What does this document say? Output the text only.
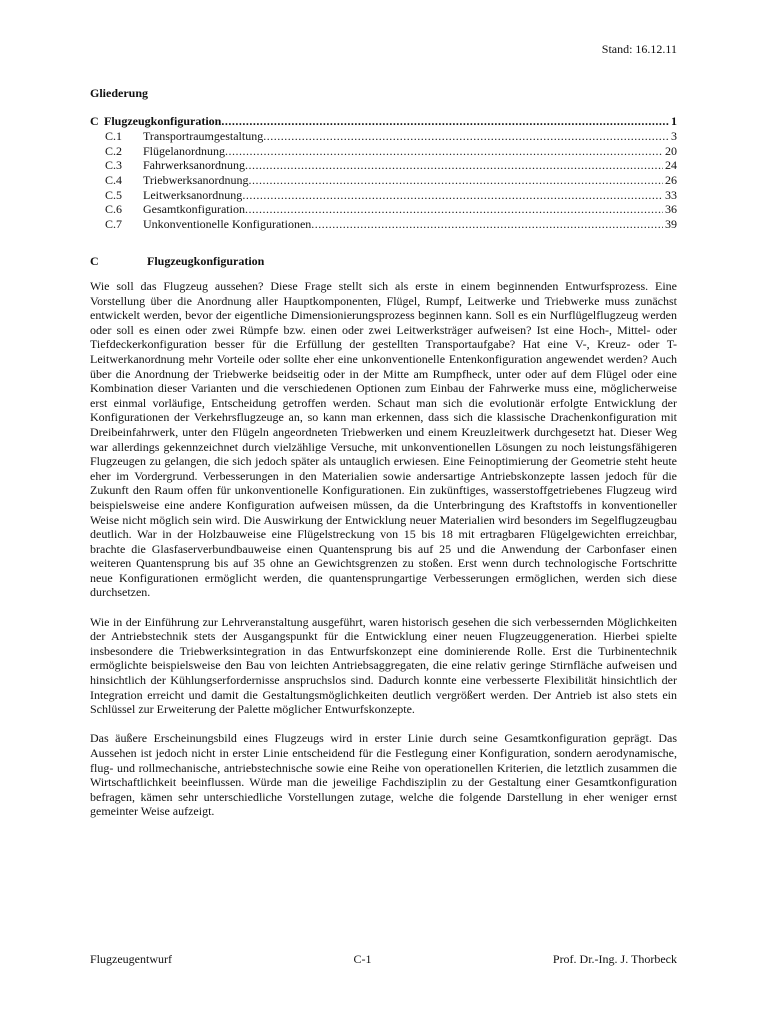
Stand: 16.12.11
Gliederung
C Flugzeugkonfiguration .....	1
C.1	Transportraumgestaltung .....	3
C.2	Flügelanordnung .....	20
C.3	Fahrwerksanordnung .....	24
C.4	Triebwerksanordnung .....	26
C.5	Leitwerksanordnung .....	33
C.6	Gesamtkonfiguration .....	36
C.7	Unkonventionelle Konfigurationen .....	39
C	Flugzeugkonfiguration

Wie soll das Flugzeug aussehen? Diese Frage stellt sich als erste in einem beginnenden Entwurfsprozess. Eine Vorstellung über die Anordnung aller Hauptkomponenten, Flügel, Rumpf, Leitwerke und Triebwerke muss zunächst entwickelt werden, bevor der eigentliche Dimensionierungsprozess beginnen kann. Soll es ein Nurflügelflugzeug werden oder soll es einen oder zwei Rümpfe bzw. einen oder zwei Leitwerksträger aufweisen? Ist eine Hoch-, Mittel- oder Tiefdeckerkonfiguration besser für die Erfüllung der gestellten Transportaufgabe? Hat eine V-, Kreuz- oder T-Leitwerkanordnung mehr Vorteile oder sollte eher eine unkonventionelle Entenkonfiguration angewendet werden? Auch über die Anordnung der Triebwerke beidseitig oder in der Mitte am Rumpfheck, unter oder auf dem Flügel oder eine Kombination dieser Varianten und die verschiedenen Optionen zum Einbau der Fahrwerke muss eine, möglicherweise erst einmal vorläufige, Entscheidung getroffen werden. Schaut man sich die evolutionär erfolgte Entwicklung der Konfigurationen der Verkehrsflugzeuge an, so kann man erkennen, dass sich die klassische Drachenkonfiguration mit Dreibeinfahrwerk, unter den Flügeln angeordneten Triebwerken und einem Kreuzleitwerk durchgesetzt hat. Dieser Weg war allerdings gekennzeichnet durch vielzählige Versuche, mit unkonventionellen Lösungen zu noch leistungsfähigeren Flugzeugen zu gelangen, die sich jedoch später als untauglich erwiesen. Eine Feinoptimierung der Geometrie steht heute eher im Vordergrund. Verbesserungen in den Materialien sowie andersartige Antriebskonzepte lassen jedoch für die Zukunft den Raum offen für unkonventionelle Konfigurationen. Ein zukünftiges, wasserstoffgetriebenes Flugzeug wird beispielsweise eine andere Konfiguration aufweisen müssen, da die Unterbringung des Kraftstoffs in konventioneller Weise nicht möglich sein wird. Die Auswirkung der Entwicklung neuer Materialien wird besonders im Segelflugzeugbau deutlich. War in der Holzbauweise eine Flügelstreckung von 15 bis 18 mit ertragbaren Flügelgewichten erreichbar, brachte die Glasfaserverbundbauweise einen Quantensprung bis auf 25 und die Anwendung der Carbonfaser einen weiteren Quantensprung bis auf 35 ohne an Gewichtsgrenzen zu stoßen. Erst wenn durch technologische Fortschritte neue Konfigurationen ermöglicht werden, die quantensprungartige Verbesserungen ermöglichen, werden sich diese durchsetzen.

Wie in der Einführung zur Lehrveranstaltung ausgeführt, waren historisch gesehen die sich verbessernden Möglichkeiten der Antriebstechnik stets der Ausgangspunkt für die Entwicklung einer neuen Flugzeuggeneration. Hierbei spielte insbesondere die Triebwerksintegration in das Entwurfskonzept eine dominierende Rolle. Erst die Turbinentechnik ermöglichte beispielsweise den Bau von leichten Antriebsaggregaten, die eine relativ geringe Stirnfläche aufweisen und hinsichtlich der Kühlungserfordernisse anspruchslos sind. Dadurch konnte eine verbesserte Flexibilität hinsichtlich der Integration erreicht und damit die Gestaltungsmöglichkeiten deutlich vergrößert werden. Der Antrieb ist also stets ein Schlüssel zur Erweiterung der Palette möglicher Entwurfskonzepte.

Das äußere Erscheinungsbild eines Flugzeugs wird in erster Linie durch seine Gesamtkonfiguration geprägt. Das Aussehen ist jedoch nicht in erster Linie entscheidend für die Festlegung einer Konfiguration, sondern aerodynamische, flug- und rollmechanische, antriebstechnische sowie eine Reihe von operationellen Kriterien, die letztlich zusammen die Wirtschaftlichkeit beeinflussen. Würde man die jeweilige Fachdisziplin zu der Gestaltung einer Gesamtkonfiguration befragen, kämen sehr unterschiedliche Vorstellungen zutage, welche die folgende Darstellung in eher weniger ernst gemeinter Weise aufzeigt.

Flugzeugentwurf	C-1	Prof. Dr.-Ing. J. Thorbeck
